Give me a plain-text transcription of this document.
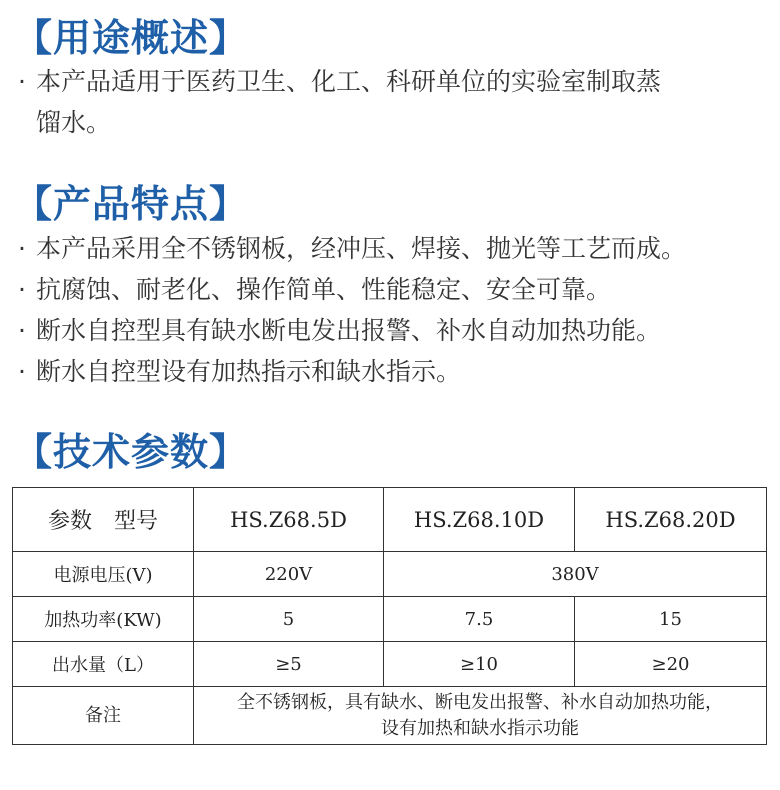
【用途概述】
· 本产品适用于医药卫生、化工、科研单位的实验室制取蒸
馏水。
【产品特点】
· 本产品采用全不锈钢板，经冲压、焊接、抛光等工艺而成。
· 抗腐蚀、耐老化、操作简单、性能稳定、安全可靠。
· 断水自控型具有缺水断电发出报警、补水自动加热功能。
· 断水自控型设有加热指示和缺水指示。
【技术参数】
参数　型号	HS.Z68.5D	HS.Z68.10D	HS.Z68.20D
电源电压(V)	220V	380V	
加热功率(KW)	5	7.5	15
出水量（L）	≥5	≥10	≥20
备注	全不锈钢板，具有缺水、断电发出报警、补水自动加热功能，
设有加热和缺水指示功能		
